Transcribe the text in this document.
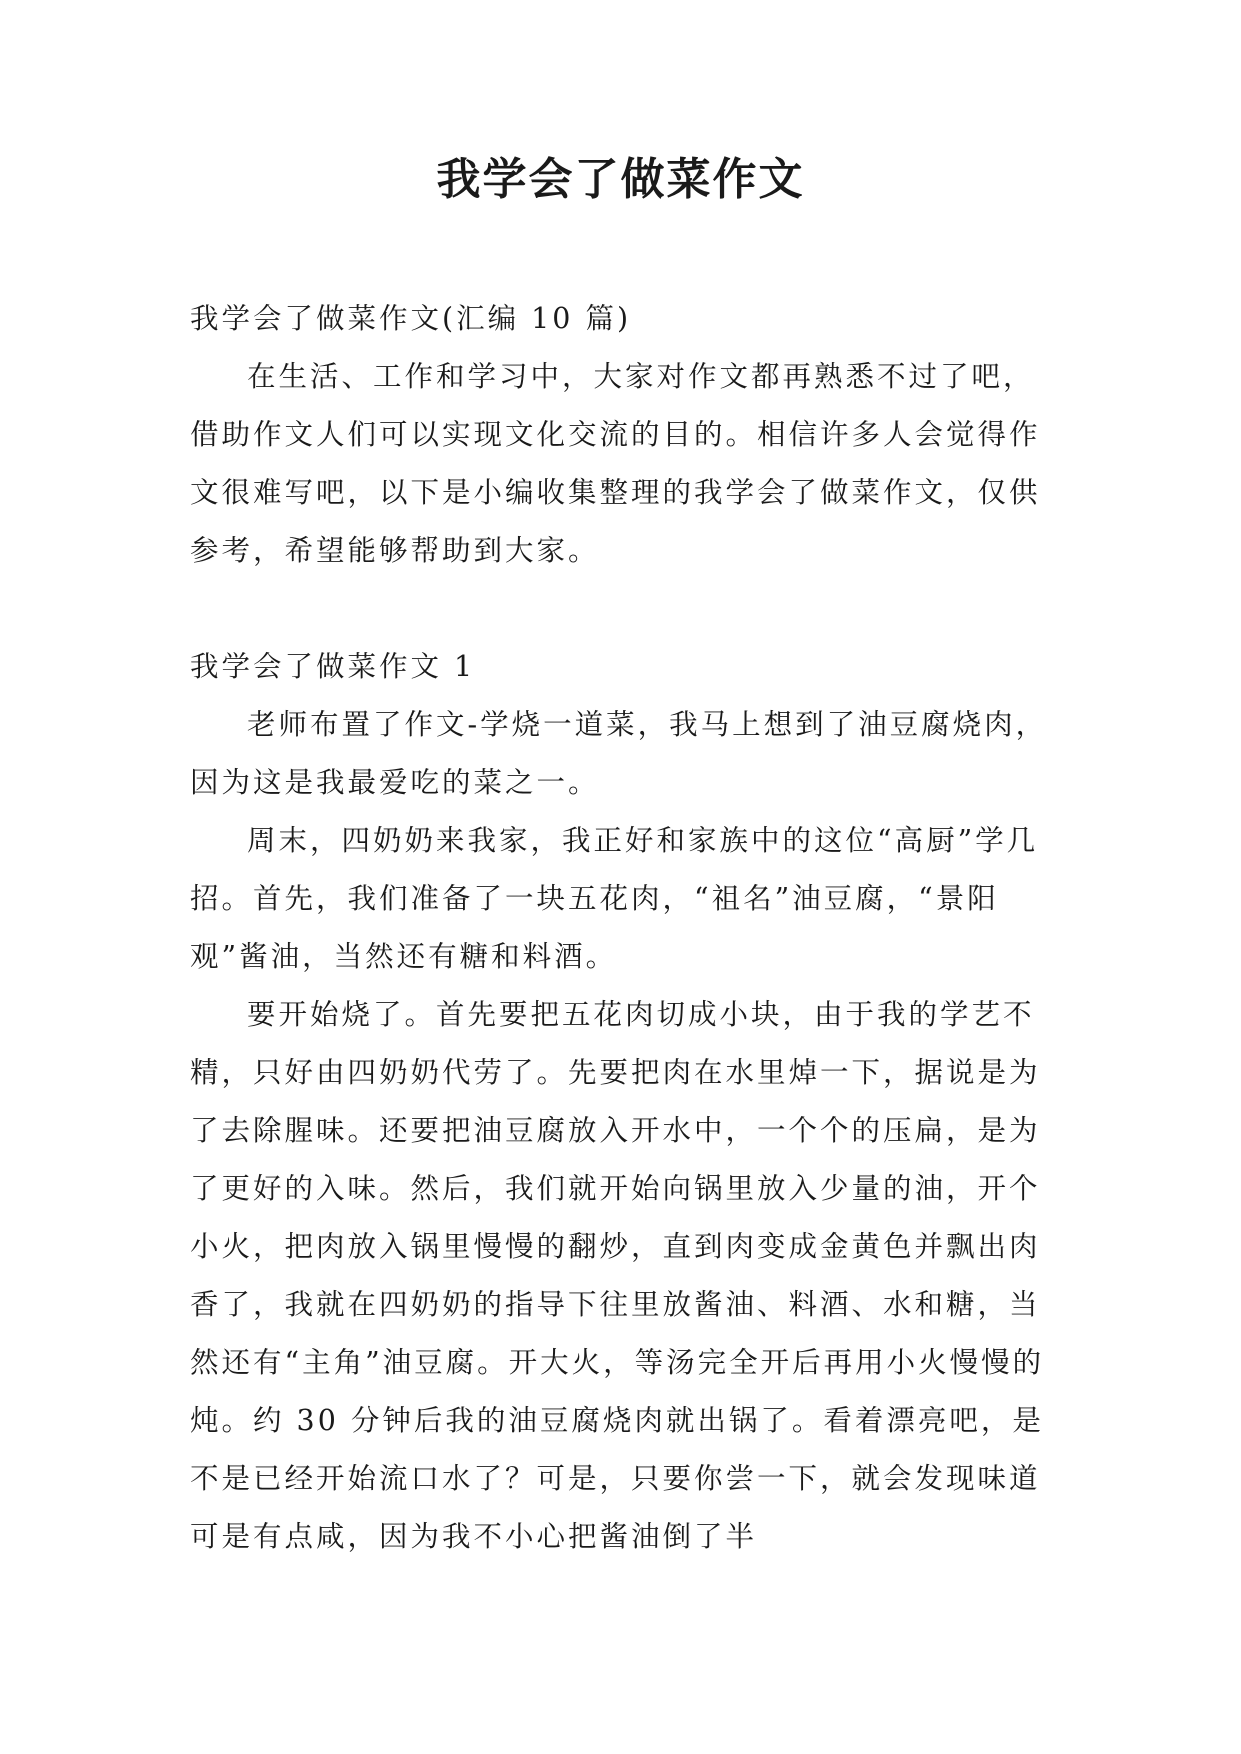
我学会了做菜作文

我学会了做菜作文(汇编 10 篇)

在生活、工作和学习中，大家对作文都再熟悉不过了吧，借助作文人们可以实现文化交流的目的。相信许多人会觉得作文很难写吧，以下是小编收集整理的我学会了做菜作文，仅供参考，希望能够帮助到大家。

我学会了做菜作文 1

老师布置了作文-学烧一道菜，我马上想到了油豆腐烧肉，因为这是我最爱吃的菜之一。

周末，四奶奶来我家，我正好和家族中的这位“高厨”学几招。首先，我们准备了一块五花肉，“祖名”油豆腐，“景阳观”酱油，当然还有糖和料酒。

要开始烧了。首先要把五花肉切成小块，由于我的学艺不精，只好由四奶奶代劳了。先要把肉在水里焯一下，据说是为了去除腥味。还要把油豆腐放入开水中，一个个的压扁，是为了更好的入味。然后，我们就开始向锅里放入少量的油，开个小火，把肉放入锅里慢慢的翻炒，直到肉变成金黄色并飘出肉香了，我就在四奶奶的指导下往里放酱油、料酒、水和糖，当然还有“主角”油豆腐。开大火，等汤完全开后再用小火慢慢的炖。约 30 分钟后我的油豆腐烧肉就出锅了。看着漂亮吧，是不是已经开始流口水了？可是，只要你尝一下，就会发现味道可是有点咸，因为我不小心把酱油倒了半
